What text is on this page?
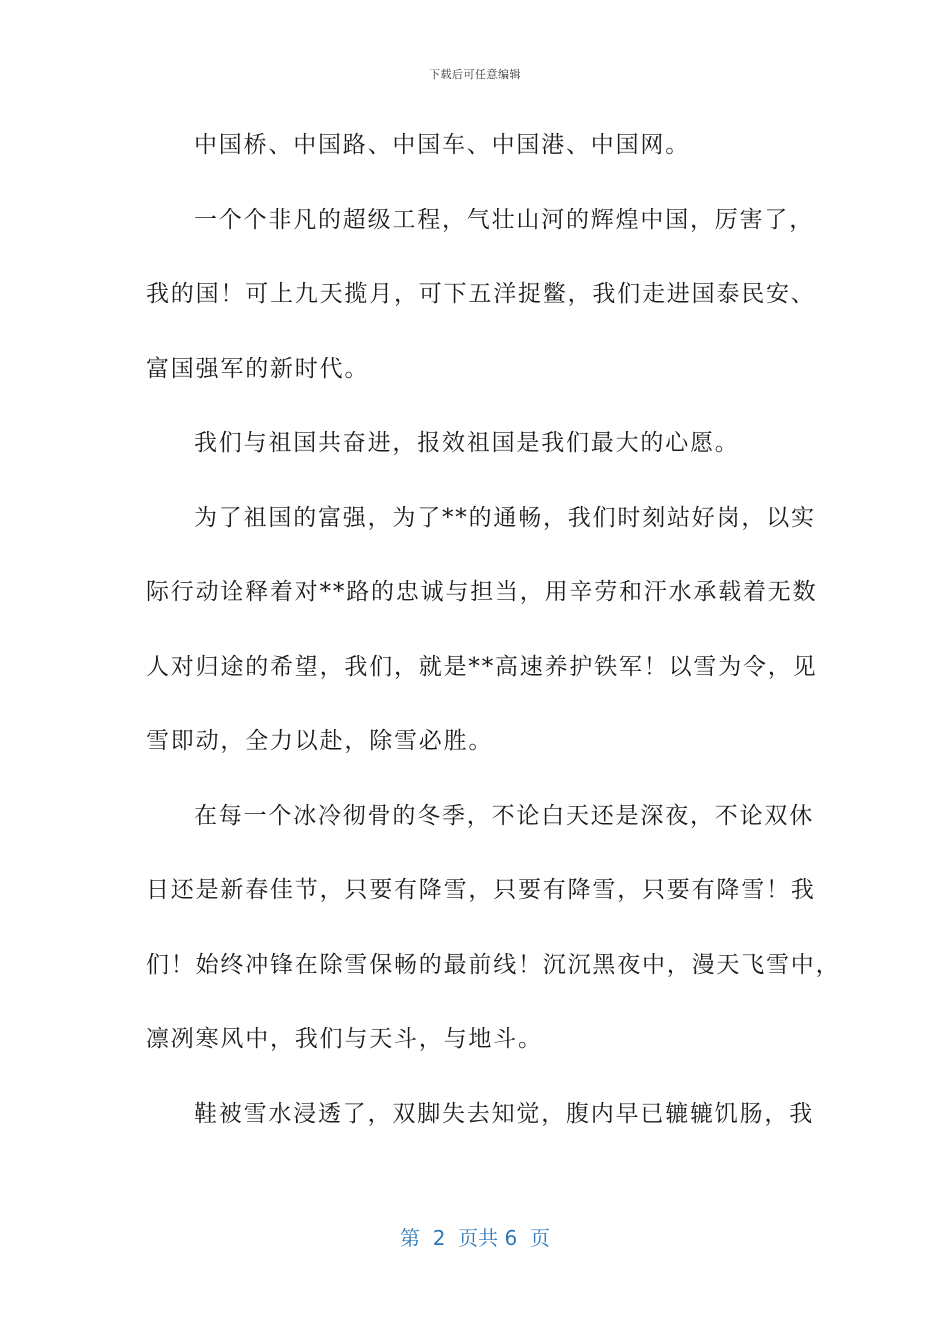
下载后可任意编辑
中国桥、中国路、中国车、中国港、中国网。
一个个非凡的超级工程，气壮山河的辉煌中国，厉害了，
我的国！可上九天揽月，可下五洋捉鳖，我们走进国泰民安、
富国强军的新时代。
我们与祖国共奋进，报效祖国是我们最大的心愿。
为了祖国的富强，为了**的通畅，我们时刻站好岗，以实
际行动诠释着对**路的忠诚与担当，用辛劳和汗水承载着无数
人对归途的希望，我们，就是**高速养护铁军！以雪为令，见
雪即动，全力以赴，除雪必胜。
在每一个冰冷彻骨的冬季，不论白天还是深夜，不论双休
日还是新春佳节，只要有降雪，只要有降雪，只要有降雪！我
们！始终冲锋在除雪保畅的最前线！沉沉黑夜中，漫天飞雪中，
凛冽寒风中，我们与天斗，与地斗。
鞋被雪水浸透了，双脚失去知觉，腹内早已辘辘饥肠，我
第  2  页共 6  页
